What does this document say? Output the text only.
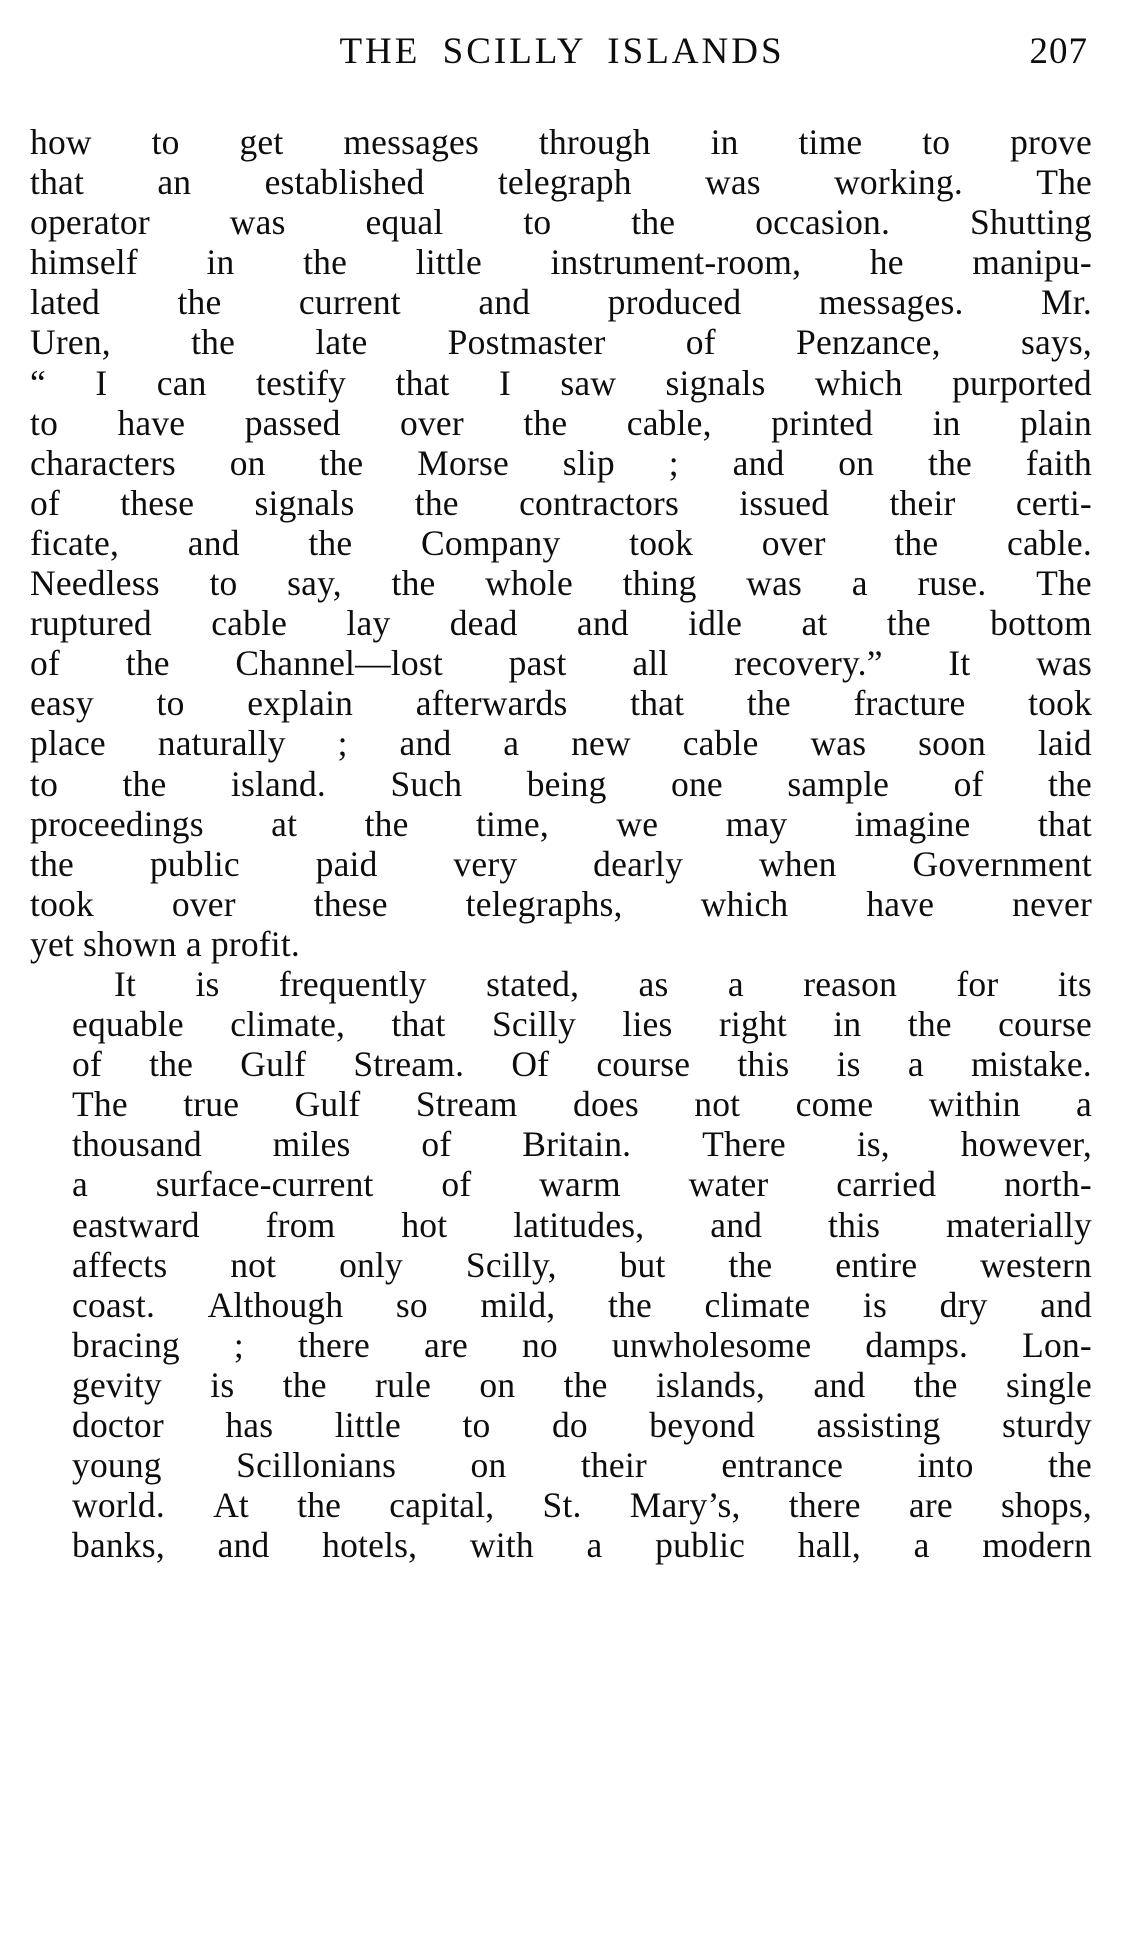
THE SCILLY ISLANDS	207

how to get messages through in time to prove
that an established telegraph was working. The
operator was equal to the occasion. Shutting
himself in the little instrument-room, he manipu-
lated the current and produced messages. Mr.
Uren, the late Postmaster of Penzance, says,
“ I can testify that I saw signals which purported
to have passed over the cable, printed in plain
characters on the Morse slip ; and on the faith
of these signals the contractors issued their certi-
ficate, and the Company took over the cable.
Needless to say, the whole thing was a ruse. The
ruptured cable lay dead and idle at the bottom
of the Channel—lost past all recovery.” It was
easy to explain afterwards that the fracture took
place naturally ; and a new cable was soon laid
to the island. Such being one sample of the
proceedings at the time, we may imagine that
the public paid very dearly when Government
took over these telegraphs, which have never
yet shown a profit.

It	is	frequently	stated,	as	a	reason	for	its
equable	climate,	that	Scilly	lies	right	in	the	course
of	the	Gulf	Stream.	Of	course	this	is	a	mistake.
The	true	Gulf	Stream	does	not	come	within	a
thousand	miles	of	Britain.	There	is,	however,
a	surface-current	of	warm	water	carried	north-
eastward	from	hot	latitudes,	and	this	materially
affects	not	only	Scilly,	but	the	entire	western
coast.	Although	so	mild,	the	climate	is	dry	and
bracing	;	there	are	no	unwholesome	damps.	Lon-
gevity	is	the	rule	on	the	islands,	and	the	single
doctor	has	little	to	do	beyond	assisting	sturdy
young	Scillonians	on	their	entrance	into	the
world.	At	the	capital,	St.	Mary’s,	there	are	shops,
banks,	and	hotels,	with	a	public	hall,	a	modern
